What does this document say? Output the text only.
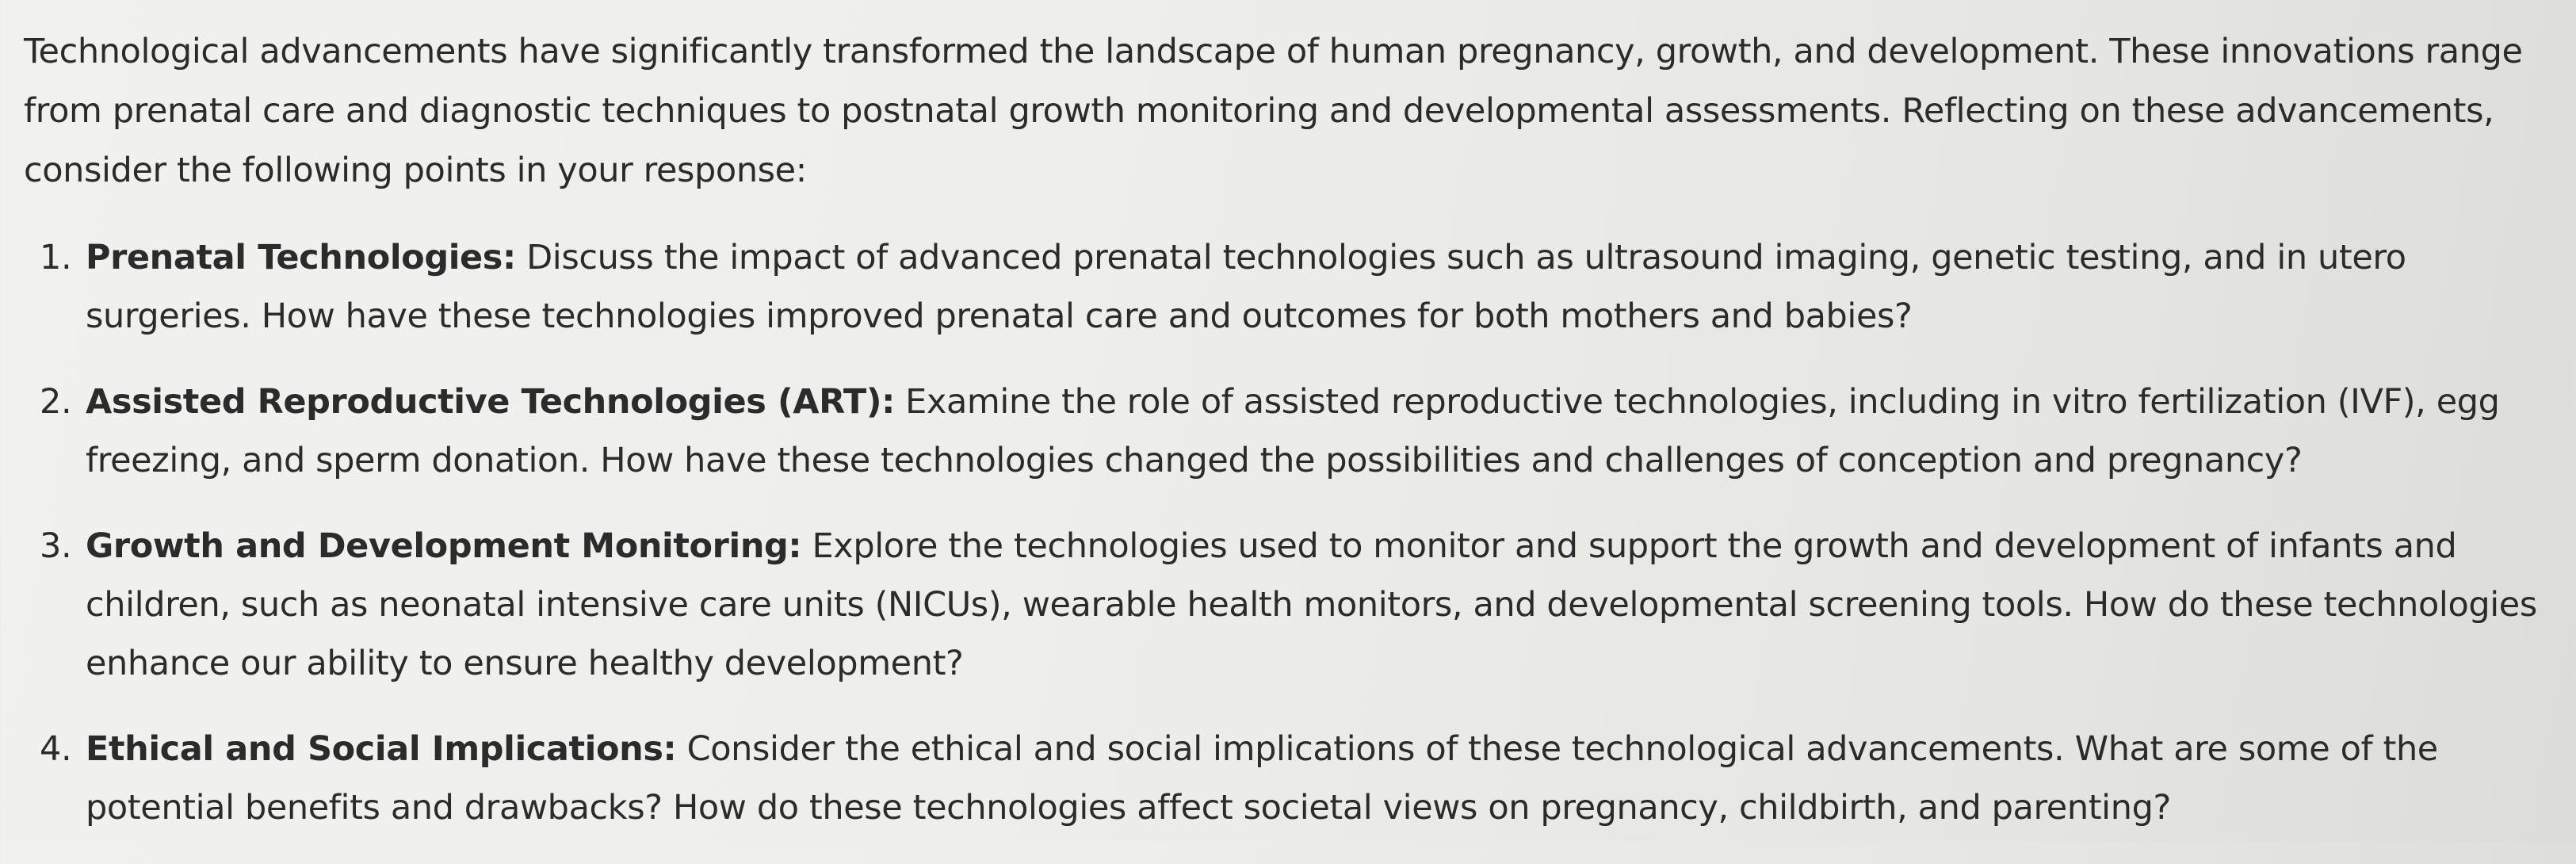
Technological advancements have significantly transformed the landscape of human pregnancy, growth, and development. These innovations range from prenatal care and diagnostic techniques to postnatal growth monitoring and developmental assessments. Reflecting on these advancements, consider the following points in your response:

1. Prenatal Technologies: Discuss the impact of advanced prenatal technologies such as ultrasound imaging, genetic testing, and in utero surgeries. How have these technologies improved prenatal care and outcomes for both mothers and babies?
2. Assisted Reproductive Technologies (ART): Examine the role of assisted reproductive technologies, including in vitro fertilization (IVF), egg freezing, and sperm donation. How have these technologies changed the possibilities and challenges of conception and pregnancy?
3. Growth and Development Monitoring: Explore the technologies used to monitor and support the growth and development of infants and children, such as neonatal intensive care units (NICUs), wearable health monitors, and developmental screening tools. How do these technologies enhance our ability to ensure healthy development?
4. Ethical and Social Implications: Consider the ethical and social implications of these technological advancements. What are some of the potential benefits and drawbacks? How do these technologies affect societal views on pregnancy, childbirth, and parenting?
